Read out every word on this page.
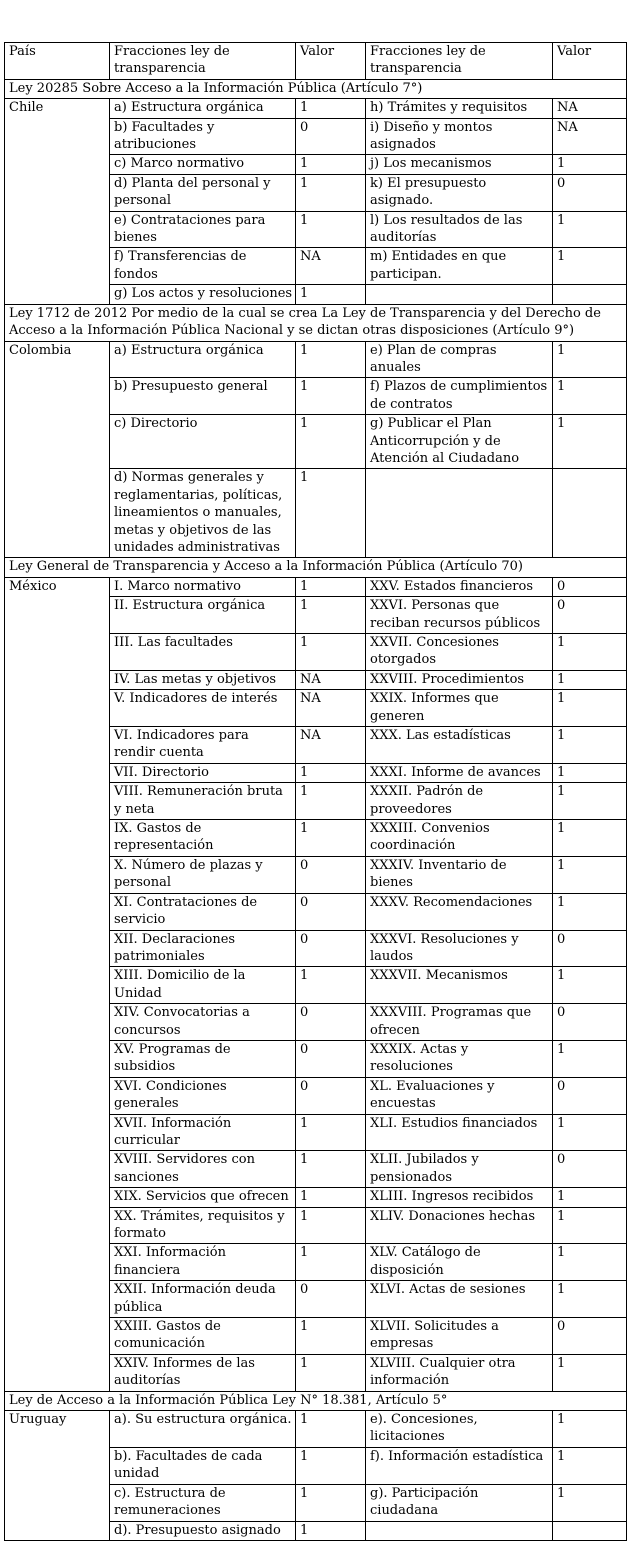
País	Fracciones ley de transparencia	Valor	Fracciones ley de transparencia	Valor
Ley 20285 Sobre Acceso a la Información Pública (Artículo 7°)				
Chile	a) Estructura orgánica	1	h) Trámites y requisitos	NA
	b) Facultades y atribuciones	0	i) Diseño y montos asignados	NA
	c) Marco normativo	1	j) Los mecanismos	1
	d) Planta del personal y personal	1	k) El presupuesto asignado.	0
	e) Contrataciones para bienes	1	l) Los resultados de las auditorías	1
	f) Transferencias de fondos	NA	m) Entidades en que participan.	1
	g) Los actos y resoluciones	1		
Ley 1712 de 2012 Por medio de la cual se crea La Ley de Transparencia y del Derecho de Acceso a la Información Pública Nacional y se dictan otras disposiciones (Artículo 9°)				
Colombia	a) Estructura orgánica	1	e) Plan de compras anuales	1
	b) Presupuesto general	1	f) Plazos de cumplimientos de contratos	1
	c) Directorio	1	g) Publicar el Plan Anticorrupción y de Atención al Ciudadano	1
	d) Normas generales y reglamentarias, políticas, lineamientos o manuales, metas y objetivos de las unidades administrativas	1		
Ley General de Transparencia y Acceso a la Información Pública (Artículo 70)				
México	I. Marco normativo	1	XXV. Estados financieros	0
	II. Estructura orgánica	1	XXVI. Personas que reciban recursos públicos	0
	III. Las facultades	1	XXVII. Concesiones otorgados	1
	IV. Las metas y objetivos	NA	XXVIII. Procedimientos	1
	V. Indicadores de interés	NA	XXIX. Informes que generen	1
	VI. Indicadores para rendir cuenta	NA	XXX. Las estadísticas	1
	VII. Directorio	1	XXXI. Informe de avances	1
	VIII. Remuneración bruta y neta	1	XXXII. Padrón de proveedores	1
	IX. Gastos de representación	1	XXXIII. Convenios coordinación	1
	X. Número de plazas y personal	0	XXXIV. Inventario de bienes	1
	XI. Contrataciones de servicio	0	XXXV. Recomendaciones	1
	XII. Declaraciones patrimoniales	0	XXXVI. Resoluciones y laudos	0
	XIII. Domicilio de la Unidad	1	XXXVII. Mecanismos	1
	XIV. Convocatorias a concursos	0	XXXVIII. Programas que ofrecen	0
	XV. Programas de subsidios	0	XXXIX. Actas y resoluciones	1
	XVI. Condiciones generales	0	XL. Evaluaciones y encuestas	0
	XVII. Información curricular	1	XLI. Estudios financiados	1
	XVIII. Servidores con sanciones	1	XLII. Jubilados y pensionados	0
	XIX. Servicios que ofrecen	1	XLIII. Ingresos recibidos	1
	XX. Trámites, requisitos y formato	1	XLIV. Donaciones hechas	1
	XXI. Información financiera	1	XLV. Catálogo de disposición	1
	XXII. Información deuda pública	0	XLVI. Actas de sesiones	1
	XXIII. Gastos de comunicación	1	XLVII. Solicitudes a empresas	0
	XXIV. Informes de las auditorías	1	XLVIII. Cualquier otra información	1
Ley de Acceso a la Información Pública Ley N° 18.381, Artículo 5°				
Uruguay	a). Su estructura orgánica.	1	e). Concesiones, licitaciones	1
	b). Facultades de cada unidad	1	f). Información estadística	1
	c). Estructura de remuneraciones	1	g). Participación ciudadana	1
	d). Presupuesto asignado	1		
